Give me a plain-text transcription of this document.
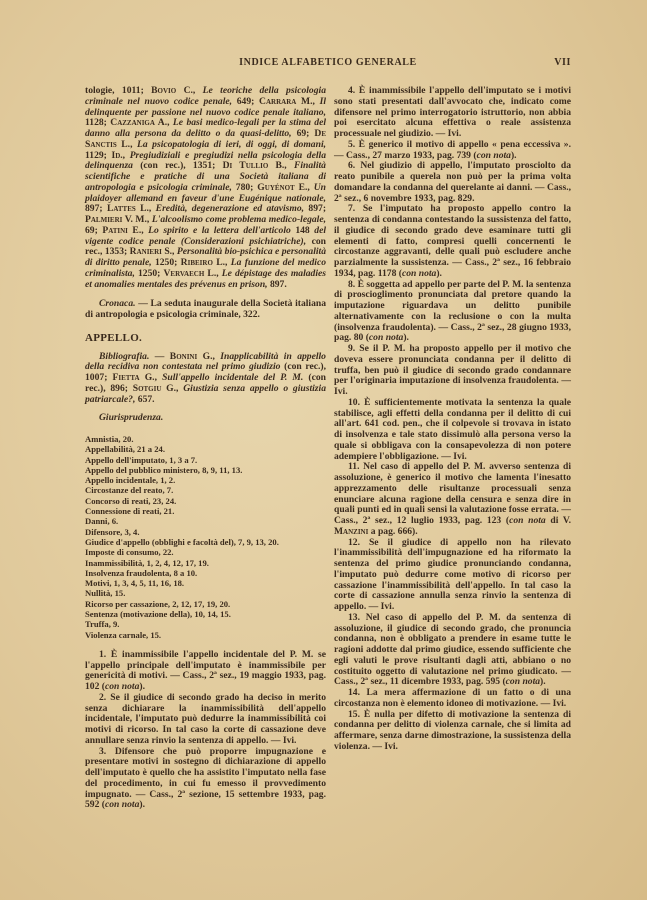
INDICE ALFABETICO GENERALE	VII

tologie, 1011; Bovio C., Le teoriche della psicologia criminale nel nuovo codice penale, 649; Carrara M., Il delinquente per passione nel nuovo codice penale italiano, 1128; Cazzaniga A., Le basi medico-legali per la stima del danno alla persona da delitto o da quasi-delitto, 69; De Sanctis L., La psicopatologia di ieri, di oggi, di domani, 1129; Id., Pregiudiziali e pregiudizi nella psicologia della delinquenza (con rec.), 1351; Di Tullio B., Finalità scientifiche e pratiche di una Società italiana di antropologia e psicologia criminale, 780; Guyénot E., Un plaidoyer allemand en faveur d'une Eugénique nationale, 897; Lattes L., Eredità, degenerazione ed atavismo, 897; Palmieri V. M., L'alcoolismo come problema medico-legale, 69; Patini E., Lo spirito e la lettera dell'articolo 148 del vigente codice penale (Considerazioni psichiatriche), con rec., 1353; Ranieri S., Personalità bio-psichica e personalità di diritto penale, 1250; Ribeiro L., La funzione del medico criminalista, 1250; Vervaech L., Le dépistage des maladies et anomalies mentales des prévenus en prison, 897.

Cronaca. — La seduta inaugurale della Società italiana di antropologia e psicologia criminale, 322.

APPELLO.

Bibliografia. — Bonini G., Inapplicabilità in appello della recidiva non contestata nel primo giudizio (con rec.), 1007; Fietta G., Sull'appello incidentale del P. M. (con rec.), 896; Sotgiu G., Giustizia senza appello o giustizia patriarcale?, 657.

Giurisprudenza.
Amnistia, 20.
Appellabilità, 21 a 24.
Appello dell'imputato, 1, 3 a 7.
Appello del pubblico ministero, 8, 9, 11, 13.
Appello incidentale, 1, 2.
Circostanze del reato, 7.
Concorso di reati, 23, 24.
Connessione di reati, 21.
Danni, 6.
Difensore, 3, 4.
Giudice d'appello (obblighi e facoltà del), 7, 9, 13, 20.
Imposte di consumo, 22.
Inammissibilità, 1, 2, 4, 12, 17, 19.
Insolvenza fraudolenta, 8 a 10.
Motivi, 1, 3, 4, 5, 11, 16, 18.
Nullità, 15.
Ricorso per cassazione, 2, 12, 17, 19, 20.
Sentenza (motivazione della), 10, 14, 15.
Truffa, 9.
Violenza carnale, 15.

1. È inammissibile l'appello incidentale del P. M. se l'appello principale dell'imputato è inammissibile per genericità di motivi. — Cass., 2ª sez., 19 maggio 1933, pag. 102 (con nota).

2. Se il giudice di secondo grado ha deciso in merito senza dichiarare la inammissibilità dell'appello incidentale, l'imputato può dedurre la inammissibilità coi motivi di ricorso. In tal caso la corte di cassazione deve annullare senza rinvio la sentenza di appello. — Ivi.

3. Difensore che può proporre impugnazione e presentare motivi in sostegno di dichiarazione di appello dell'imputato è quello che ha assistito l'imputato nella fase del procedimento, in cui fu emesso il provvedimento impugnato. — Cass., 2ª sezione, 15 settembre 1933, pag. 592 (con nota).

4. È inammissibile l'appello dell'imputato se i motivi sono stati presentati dall'avvocato che, indicato come difensore nel primo interrogatorio istruttorio, non abbia poi esercitato alcuna effettiva o reale assistenza processuale nel giudizio. — Ivi.

5. È generico il motivo di appello « pena eccessiva ». — Cass., 27 marzo 1933, pag. 739 (con nota).

6. Nel giudizio di appello, l'imputato prosciolto da reato punibile a querela non può per la prima volta domandare la condanna del querelante ai danni. — Cass., 2ª sez., 6 novembre 1933, pag. 829.

7. Se l'imputato ha proposto appello contro la sentenza di condanna contestando la sussistenza del fatto, il giudice di secondo grado deve esaminare tutti gli elementi di fatto, compresi quelli concernenti le circostanze aggravanti, delle quali può escludere anche parzialmente la sussistenza. — Cass., 2ª sez., 16 febbraio 1934, pag. 1178 (con nota).

8. È soggetta ad appello per parte del P. M. la sentenza di proscioglimento pronunciata dal pretore quando la imputazione riguardava un delitto punibile alternativamente con la reclusione o con la multa (insolvenza fraudolenta). — Cass., 2ª sez., 28 giugno 1933, pag. 80 (con nota).

9. Se il P. M. ha proposto appello per il motivo che doveva essere pronunciata condanna per il delitto di truffa, ben può il giudice di secondo grado condannare per l'originaria imputazione di insolvenza fraudolenta. — Ivi.

10. È sufficientemente motivata la sentenza la quale stabilisce, agli effetti della condanna per il delitto di cui all'art. 641 cod. pen., che il colpevole si trovava in istato di insolvenza e tale stato dissimulò alla persona verso la quale si obbligava con la consapevolezza di non potere adempiere l'obbligazione. — Ivi.

11. Nel caso di appello del P. M. avverso sentenza di assoluzione, è generico il motivo che lamenta l'inesatto apprezzamento delle risultanze processuali senza enunciare alcuna ragione della censura e senza dire in quali punti ed in quali sensi la valutazione fosse errata. — Cass., 2ª sez., 12 luglio 1933, pag. 123 (con nota di V. Manzini a pag. 666).

12. Se il giudice di appello non ha rilevato l'inammissibilità dell'impugnazione ed ha riformato la sentenza del primo giudice pronunciando condanna, l'imputato può dedurre come motivo di ricorso per cassazione l'inammissibilità dell'appello. In tal caso la corte di cassazione annulla senza rinvio la sentenza di appello. — Ivi.

13. Nel caso di appello del P. M. da sentenza di assoluzione, il giudice di secondo grado, che pronuncia condanna, non è obbligato a prendere in esame tutte le ragioni addotte dal primo giudice, essendo sufficiente che egli valuti le prove risultanti dagli atti, abbiano o no costituito oggetto di valutazione nel primo giudicato. — Cass., 2ª sez., 11 dicembre 1933, pag. 595 (con nota).

14. La mera affermazione di un fatto o di una circostanza non è elemento idoneo di motivazione. — Ivi.

15. È nulla per difetto di motivazione la sentenza di condanna per delitto di violenza carnale, che si limita ad affermare, senza darne dimostrazione, la sussistenza della violenza. — Ivi.
